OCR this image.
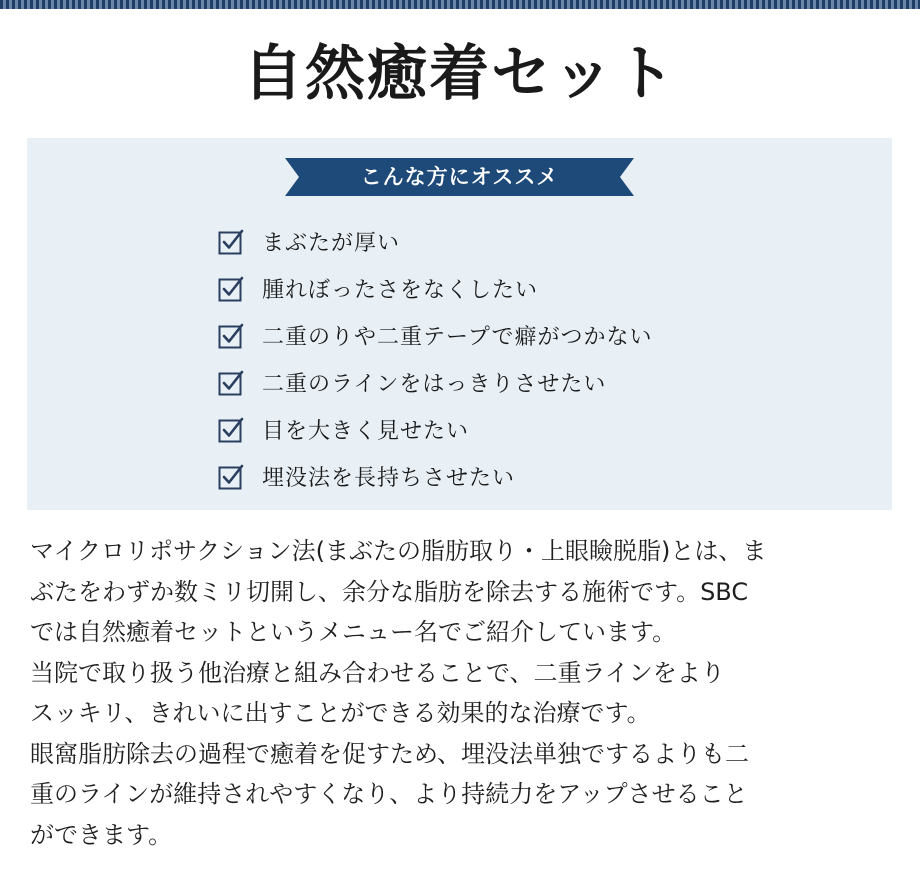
自然癒着セット
こんな方にオススメ
まぶたが厚い
腫れぼったさをなくしたい
二重のりや二重テープで癖がつかない
二重のラインをはっきりさせたい
目を大きく見せたい
埋没法を長持ちさせたい
マイクロリポサクション法(まぶたの脂肪取り・上眼瞼脱脂)とは、ま
ぶたをわずか数ミリ切開し、余分な脂肪を除去する施術です。SBC
では自然癒着セットというメニュー名でご紹介しています。
当院で取り扱う他治療と組み合わせることで、二重ラインをより
スッキリ、きれいに出すことができる効果的な治療です。
眼窩脂肪除去の過程で癒着を促すため、埋没法単独でするよりも二
重のラインが維持されやすくなり、より持続力をアップさせること
ができます。
